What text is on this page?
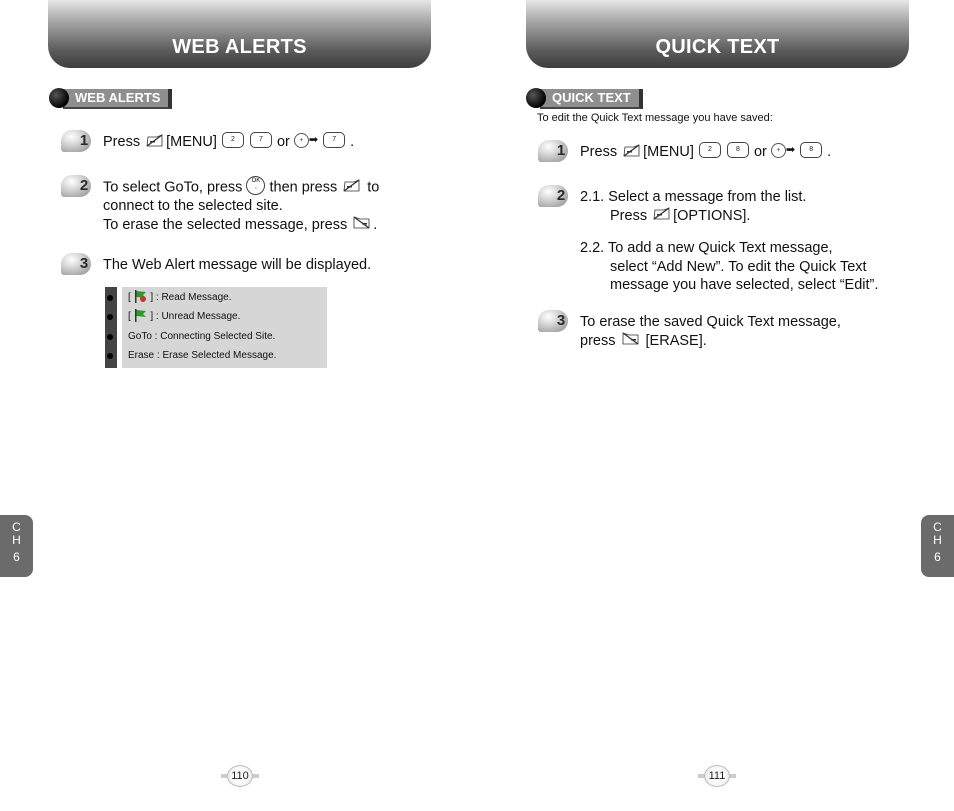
WEB ALERTS
WEB ALERTS
1 Press [MENU] 2	7 or + ➡ 7 .
2 To select GoTo, press OK
◦ then press to
connect to the selected site.
To erase the selected message, press .
3 The Web Alert message will be displayed.
[ ] : Read Message.
[ ] : Unread Message.
GoTo : Connecting Selected Site.
Erase : Erase Selected Message.
C
H
6
110
QUICK TEXT
QUICK TEXT
To edit the Quick Text message you have saved:
1 Press [MENU] 2	8 or + ➡ 8 .
2 2.1. Select a message from the list.
Press [OPTIONS].
2.2. To add a new Quick Text message,
select “Add New”. To edit the Quick Text
message you have selected, select “Edit”.
3 To erase the saved Quick Text message,
press [ERASE].
C
H
6
111
